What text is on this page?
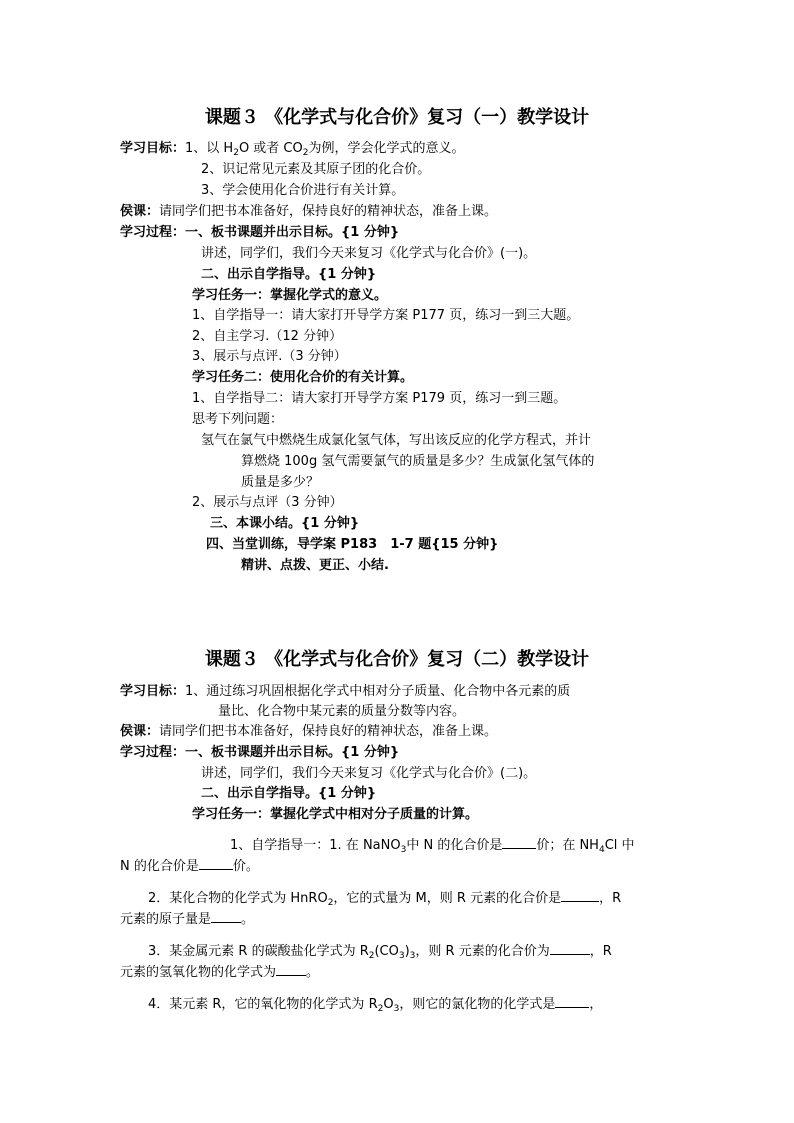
课题３ 《化学式与化合价》复习（一）教学设计
学习目标：1、以 $H_2O$ 或者 $CO_2$为例，学会化学式的意义。
2、识记常见元素及其原子团的化合价。
3、学会使用化合价进行有关计算。
侯课：请同学们把书本准备好，保持良好的精神状态，准备上课。
学习过程：一、板书课题并出示目标。{1 分钟}
讲述，同学们，我们今天来复习《化学式与化合价》(一)。
二、出示自学指导。{1 分钟}
学习任务一：掌握化学式的意义。
1、自学指导一：请大家打开导学方案 P177 页，练习一到三大题。
2、自主学习.（12 分钟）
3、展示与点评.（3 分钟）
学习任务二：使用化合价的有关计算。
1、自学指导二：请大家打开导学方案 P179 页，练习一到三题。
思考下列问题：
氢气在氯气中燃烧生成氯化氢气体，写出该反应的化学方程式，并计
算燃烧 100g 氢气需要氯气的质量是多少？生成氯化氢气体的
质量是多少？
2、展示与点评（3 分钟）
三、本课小结。{1 分钟}
四、当堂训练，导学案 P183　1-7 题{15 分钟}
精讲、点拨、更正、小结.
课题３ 《化学式与化合价》复习（二）教学设计
学习目标：1、通过练习巩固根据化学式中相对分子质量、化合物中各元素的质
量比、化合物中某元素的质量分数等内容。
侯课：请同学们把书本准备好，保持良好的精神状态，准备上课。
学习过程：一、板书课题并出示目标。{1 分钟}
讲述，同学们，我们今天来复习《化学式与化合价》(二)。
二、出示自学指导。{1 分钟}
学习任务一：掌握化学式中相对分子质量的计算。
1、自学指导一：1. 在 NaNO$_3$中 N 的化合价是	价；在 $NH_4Cl$ 中
N 的化合价是	价。
2．某化合物的化学式为 HnRO$_2$，它的式量为 M，则 R 元素的化合价是	，R
元素的原子量是 。
3．某金属元素 R 的碳酸盐化学式为 $R_2(CO_3)_3$，则 R 元素的化合价为	，R
元素的氢氧化物的化学式为 。
4．某元素 R，它的氧化物的化学式为 $R_2O_3$，则它的氯化物的化学式是	，
